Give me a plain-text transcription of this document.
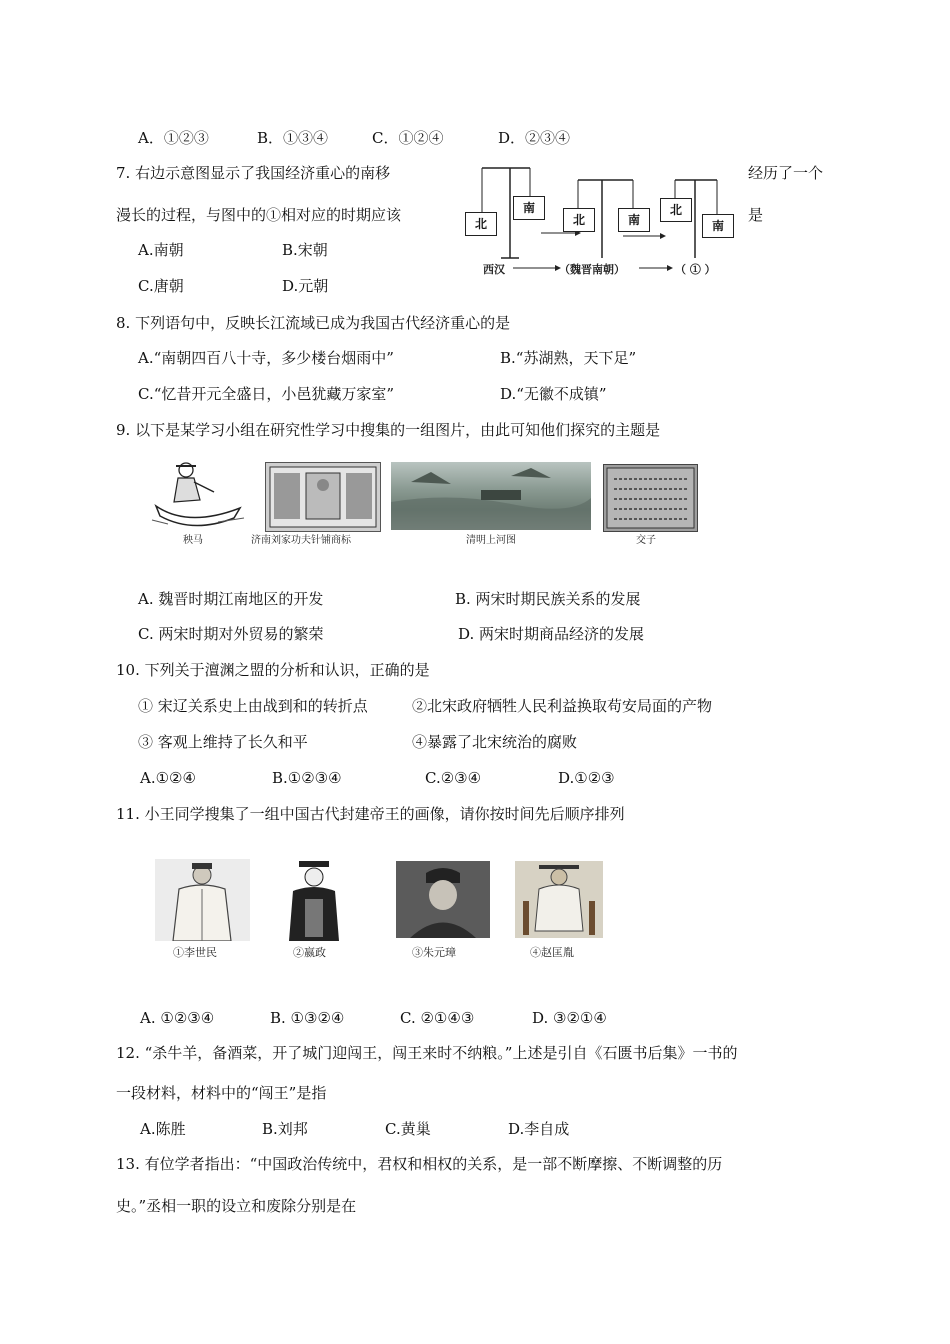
A．①②③	B．①③④	C．①②④	D．②③④
7. 右边示意图显示了我国经济重心的南移	经历了一个
漫长的过程，与图中的①相对应的时期应该	是
A.南朝	B.宋朝
C.唐朝	D.元朝
北
南
北	南
北
南
西汉	（魏晋南朝）	（ ① ）
8. 下列语句中，反映长江流域已成为我国古代经济重心的是
A.“南朝四百八十寺，多少楼台烟雨中”	B.“苏湖熟，天下足”
C.“忆昔开元全盛日，小邑犹藏万家室”	D.“无徽不成镇”
9. 以下是某学习小组在研究性学习中搜集的一组图片，由此可知他们探究的主题是
秧马	济南刘家功夫针铺商标	清明上河图	交子
A. 魏晋时期江南地区的开发	B. 两宋时期民族关系的发展
C. 两宋时期对外贸易的繁荣	D. 两宋时期商品经济的发展
10. 下列关于澶渊之盟的分析和认识，正确的是
① 宋辽关系史上由战到和的转折点	②北宋政府牺牲人民利益换取苟安局面的产物
③ 客观上维持了长久和平	④暴露了北宋统治的腐败
A.①②④	B.①②③④	C.②③④	D.①②③
11. 小王同学搜集了一组中国古代封建帝王的画像，请你按时间先后顺序排列
①李世民	②嬴政	③朱元璋	④赵匡胤
A. ①②③④	B. ①③②④	C. ②①④③	D. ③②①④
12. “杀牛羊，备酒菜，开了城门迎闯王，闯王来时不纳粮。”上述是引自《石匮书后集》一书的
一段材料，材料中的“闯王”是指
A.陈胜	B.刘邦	C.黄巢	D.李自成
13. 有位学者指出：“中国政治传统中，君权和相权的关系，是一部不断摩擦、不断调整的历
史。”丞相一职的设立和废除分别是在
